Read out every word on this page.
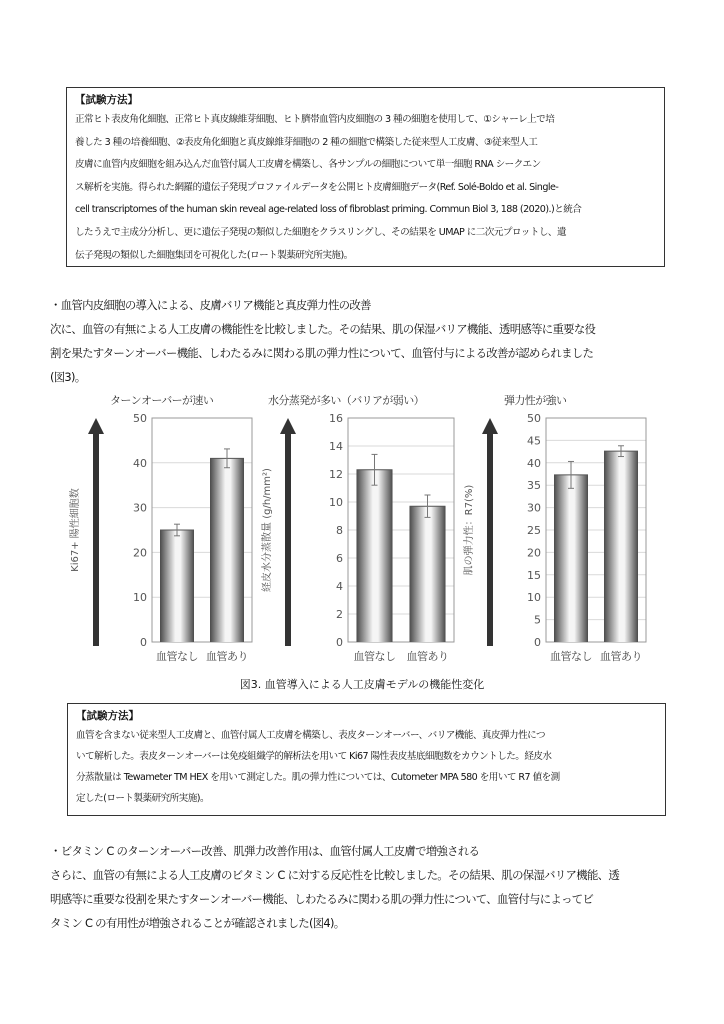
【試験方法】
正常ヒト表皮角化細胞、正常ヒト真皮線維芽細胞、ヒト臍帯血管内皮細胞の 3 種の細胞を使用して、①シャーレ上で培
養した 3 種の培養細胞、②表皮角化細胞と真皮線維芽細胞の 2 種の細胞で構築した従来型人工皮膚、③従来型人工
皮膚に血管内皮細胞を組み込んだ血管付属人工皮膚を構築し、各サンプルの細胞について単一細胞 RNA シークエン
ス解析を実施。得られた網羅的遺伝子発現プロファイルデータを公開ヒト皮膚細胞データ(Ref. Solé-Boldo et al. Single-
cell transcriptomes of the human skin reveal age-related loss of fibroblast priming. Commun Biol 3, 188 (2020).)と統合
したうえで主成分分析し、更に遺伝子発現の類似した細胞をクラスリングし、その結果を UMAP に二次元プロットし、遺
伝子発現の類似した細胞集団を可視化した(ロート製薬研究所実施)。
・血管内皮細胞の導入による、皮膚バリア機能と真皮弾力性の改善
次に、血管の有無による人工皮膚の機能性を比較しました。その結果、肌の保湿バリア機能、透明感等に重要な役
割を果たすターンオーバー機能、しわたるみに関わる肌の弾力性について、血管付与による改善が認められました
(図3)。
ターンオーバーが速い
0
10
20
30
40
50
Ki67+ 陽性細胞数
血管なし 血管あり
水分蒸発が多い（バリアが弱い）
0
2
4
6
8
10
12
14
16
経皮水分蒸散量 (g/h/mm²)
血管なし 血管あり
弾力性が強い
0
5
10
15
20
25
30
35
40
45
50
肌の弾力性：R7(%)
血管なし 血管あり
図3. 血管導入による人工皮膚モデルの機能性変化
【試験方法】
血管を含まない従来型人工皮膚と、血管付属人工皮膚を構築し、表皮ターンオーバー、バリア機能、真皮弾力性につ
いて解析した。表皮ターンオーバーは免疫組織学的解析法を用いて Ki67 陽性表皮基底細胞数をカウントした。経皮水
分蒸散量は Tewameter TM HEX を用いて測定した。肌の弾力性については、Cutometer MPA 580 を用いて R7 値を測
定した(ロート製薬研究所実施)。
・ビタミン C のターンオーバー改善、肌弾力改善作用は、血管付属人工皮膚で増強される
さらに、血管の有無による人工皮膚のビタミン C に対する反応性を比較しました。その結果、肌の保湿バリア機能、透
明感等に重要な役割を果たすターンオーバー機能、しわたるみに関わる肌の弾力性について、血管付与によってビ
タミン C の有用性が増強されることが確認されました(図4)。
